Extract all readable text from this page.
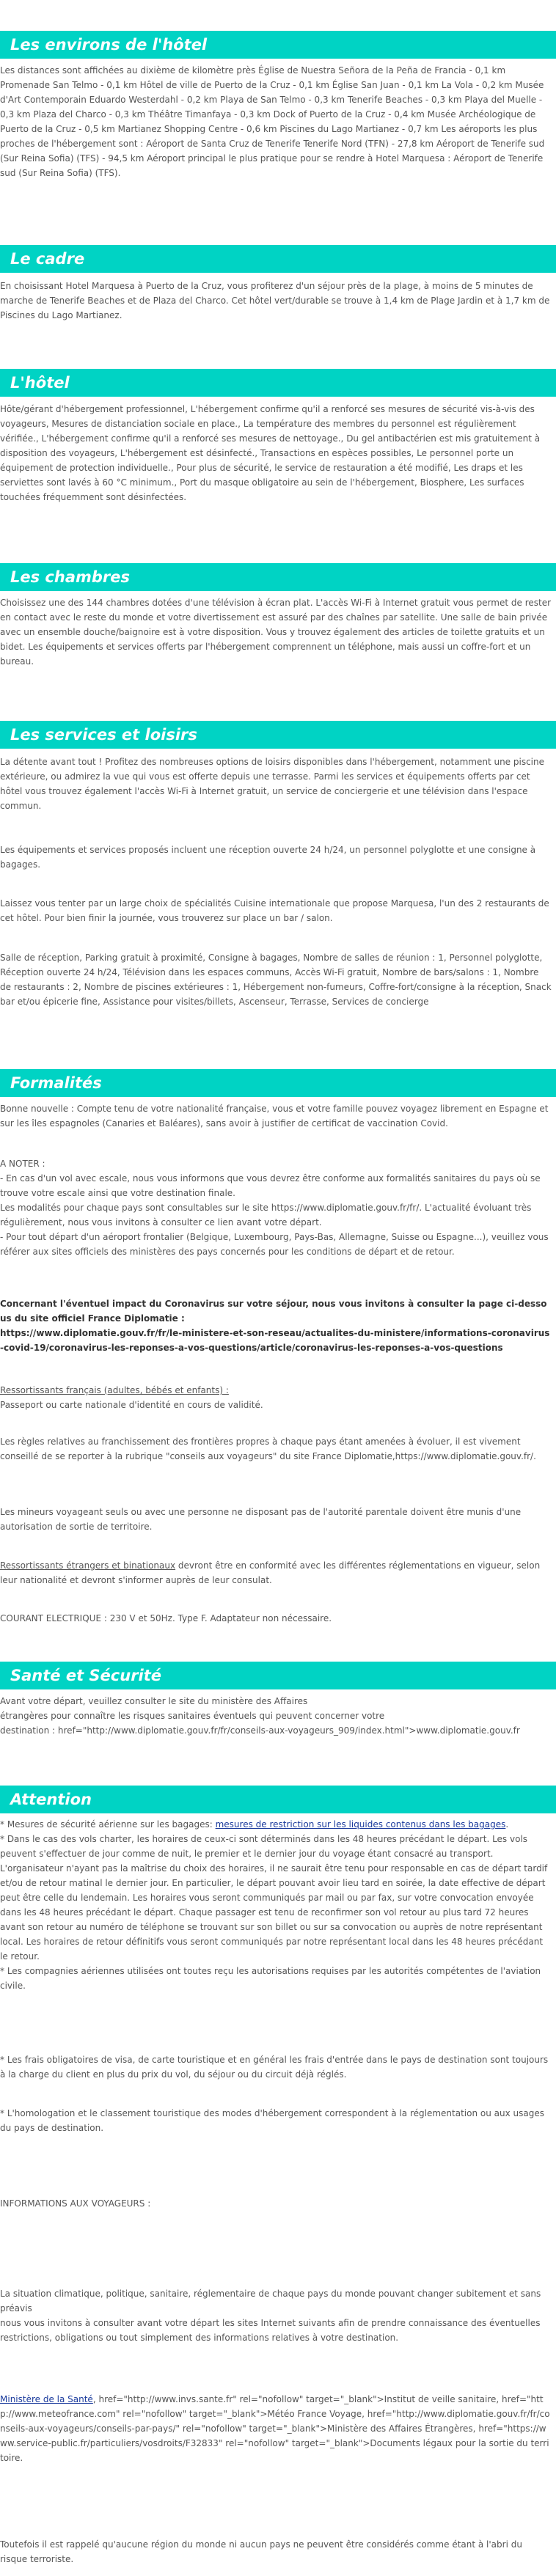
Les environs de l'hôtel

Les distances sont affichées au dixième de kilomètre près Église de Nuestra Señora de la Peña de Francia - 0,1 km Promenade San Telmo - 0,1 km Hôtel de ville de Puerto de la Cruz - 0,1 km Église San Juan - 0,1 km La Vola - 0,2 km Musée d'Art Contemporain Eduardo Westerdahl - 0,2 km Playa de San Telmo - 0,3 km Tenerife Beaches - 0,3 km Playa del Muelle - 0,3 km Plaza del Charco - 0,3 km Théâtre Timanfaya - 0,3 km Dock of Puerto de la Cruz - 0,4 km Musée Archéologique de Puerto de la Cruz - 0,5 km Martianez Shopping Centre - 0,6 km Piscines du Lago Martianez - 0,7 km Les aéroports les plus proches de l'hébergement sont : Aéroport de Santa Cruz de Tenerife Tenerife Nord (TFN) - 27,8 km Aéroport de Tenerife sud (Sur Reina Sofia) (TFS) - 94,5 km Aéroport principal le plus pratique pour se rendre à Hotel Marquesa : Aéroport de Tenerife sud (Sur Reina Sofia) (TFS).

Le cadre

En choisissant Hotel Marquesa à Puerto de la Cruz, vous profiterez d'un séjour près de la plage, à moins de 5 minutes de marche de Tenerife Beaches et de Plaza del Charco. Cet hôtel vert/durable se trouve à 1,4 km de Plage Jardin et à 1,7 km de Piscines du Lago Martianez.

L'hôtel

Hôte/gérant d'hébergement professionnel, L'hébergement confirme qu'il a renforcé ses mesures de sécurité vis-à-vis des voyageurs, Mesures de distanciation sociale en place., La température des membres du personnel est régulièrement vérifiée., L'hébergement confirme qu'il a renforcé ses mesures de nettoyage., Du gel antibactérien est mis gratuitement à disposition des voyageurs, L'hébergement est désinfecté., Transactions en espèces possibles, Le personnel porte un équipement de protection individuelle., Pour plus de sécurité, le service de restauration a été modifié, Les draps et les serviettes sont lavés à 60 °C minimum., Port du masque obligatoire au sein de l'hébergement, Biosphere, Les surfaces touchées fréquemment sont désinfectées.

Les chambres

Choisissez une des 144 chambres dotées d'une télévision à écran plat. L'accès Wi-Fi à Internet gratuit vous permet de rester en contact avec le reste du monde et votre divertissement est assuré par des chaînes par satellite. Une salle de bain privée avec un ensemble douche/baignoire est à votre disposition. Vous y trouvez également des articles de toilette gratuits et un bidet. Les équipements et services offerts par l'hébergement comprennent un téléphone, mais aussi un coffre-fort et un bureau.

Les services et loisirs

La détente avant tout ! Profitez des nombreuses options de loisirs disponibles dans l'hébergement, notamment une piscine extérieure, ou admirez la vue qui vous est offerte depuis une terrasse. Parmi les services et équipements offerts par cet hôtel vous trouvez également l'accès Wi-Fi à Internet gratuit, un service de conciergerie et une télévision dans l'espace commun.

Les équipements et services proposés incluent une réception ouverte 24 h/24, un personnel polyglotte et une consigne à bagages.

Laissez vous tenter par un large choix de spécialités Cuisine internationale que propose Marquesa, l'un des 2 restaurants de cet hôtel. Pour bien finir la journée, vous trouverez sur place un bar / salon.

Salle de réception, Parking gratuit à proximité, Consigne à bagages, Nombre de salles de réunion : 1, Personnel polyglotte, Réception ouverte 24 h/24, Télévision dans les espaces communs, Accès Wi-Fi gratuit, Nombre de bars/salons : 1, Nombre de restaurants : 2, Nombre de piscines extérieures : 1, Hébergement non-fumeurs, Coffre-fort/consigne à la réception, Snack bar et/ou épicerie fine, Assistance pour visites/billets, Ascenseur, Terrasse, Services de concierge

Formalités

Bonne nouvelle : Compte tenu de votre nationalité française, vous et votre famille pouvez voyagez librement en Espagne et sur les îles espagnoles (Canaries et Baléares), sans avoir à justifier de certificat de vaccination Covid.

A NOTER :
- En cas d'un vol avec escale, nous vous informons que vous devrez être conforme aux formalités sanitaires du pays où se trouve votre escale ainsi que votre destination finale.
Les modalités pour chaque pays sont consultables sur le site https://www.diplomatie.gouv.fr/fr/. L'actualité évoluant très régulièrement, nous vous invitons à consulter ce lien avant votre départ.
- Pour tout départ d'un aéroport frontalier (Belgique, Luxembourg, Pays-Bas, Allemagne, Suisse ou Espagne...), veuillez vous référer aux sites officiels des ministères des pays concernés pour les conditions de départ et de retour.

Concernant l'éventuel impact du Coronavirus sur votre séjour, nous vous invitons à consulter la page ci-dessous du site officiel France Diplomatie :
https://www.diplomatie.gouv.fr/fr/le-ministere-et-son-reseau/actualites-du-ministere/informations-coronavirus-covid-19/coronavirus-les-reponses-a-vos-questions/article/coronavirus-les-reponses-a-vos-questions

Ressortissants français (adultes, bébés et enfants) :
Passeport ou carte nationale d'identité en cours de validité.

Les règles relatives au franchissement des frontières propres à chaque pays étant amenées à évoluer, il est vivement conseillé de se reporter à la rubrique "conseils aux voyageurs" du site France Diplomatie,https://www.diplomatie.gouv.fr/.

Les mineurs voyageant seuls ou avec une personne ne disposant pas de l'autorité parentale doivent être munis d'une autorisation de sortie de territoire.

Ressortissants étrangers et binationaux devront être en conformité avec les différentes réglementations en vigueur, selon leur nationalité et devront s'informer auprès de leur consulat.

COURANT ELECTRIQUE : 230 V et 50Hz. Type F. Adaptateur non nécessaire.

Santé et Sécurité

Avant votre départ, veuillez consulter le site du ministère des Affaires
étrangères pour connaître les risques sanitaires éventuels qui peuvent concerner votre
destination : href="http://www.diplomatie.gouv.fr/fr/conseils-aux-voyageurs_909/index.html">www.diplomatie.gouv.fr

Attention

* Mesures de sécurité aérienne sur les bagages: mesures de restriction sur les liquides contenus dans les bagages.

* Dans le cas des vols charter, les horaires de ceux-ci sont déterminés dans les 48 heures précédant le départ. Les vols peuvent s'effectuer de jour comme de nuit, le premier et le dernier jour du voyage étant consacré au transport. L'organisateur n'ayant pas la maîtrise du choix des horaires, il ne saurait être tenu pour responsable en cas de départ tardif et/ou de retour matinal le dernier jour. En particulier, le départ pouvant avoir lieu tard en soirée, la date effective de départ peut être celle du lendemain. Les horaires vous seront communiqués par mail ou par fax, sur votre convocation envoyée dans les 48 heures précédant le départ. Chaque passager est tenu de reconfirmer son vol retour au plus tard 72 heures avant son retour au numéro de téléphone se trouvant sur son billet ou sur sa convocation ou auprès de notre représentant local. Les horaires de retour définitifs vous seront communiqués par notre représentant local dans les 48 heures précédant le retour.
* Les compagnies aériennes utilisées ont toutes reçu les autorisations requises par les autorités compétentes de l'aviation civile.

* Les frais obligatoires de visa, de carte touristique et en général les frais d'entrée dans le pays de destination sont toujours à la charge du client en plus du prix du vol, du séjour ou du circuit déjà réglés.

* L'homologation et le classement touristique des modes d'hébergement correspondent à la réglementation ou aux usages du pays de destination.

INFORMATIONS AUX VOYAGEURS :

La situation climatique, politique, sanitaire, réglementaire de chaque pays du monde pouvant changer subitement et sans préavis
nous vous invitons à consulter avant votre départ les sites Internet suivants afin de prendre connaissance des éventuelles restrictions, obligations ou tout simplement des informations relatives à votre destination.

Ministère de la Santé, href="http://www.invs.sante.fr" rel="nofollow" target="_blank">Institut de veille sanitaire, href="http://www.meteofrance.com" rel="nofollow" target="_blank">Météo France Voyage, href="http://www.diplomatie.gouv.fr/fr/conseils-aux-voyageurs/conseils-par-pays/" rel="nofollow" target="_blank">Ministère des Affaires Étrangères, href="https://www.service-public.fr/particuliers/vosdroits/F32833" rel="nofollow" target="_blank">Documents légaux pour la sortie du territoire.

Toutefois il est rappelé qu'aucune région du monde ni aucun pays ne peuvent être considérés comme étant à l'abri du risque terroriste.
